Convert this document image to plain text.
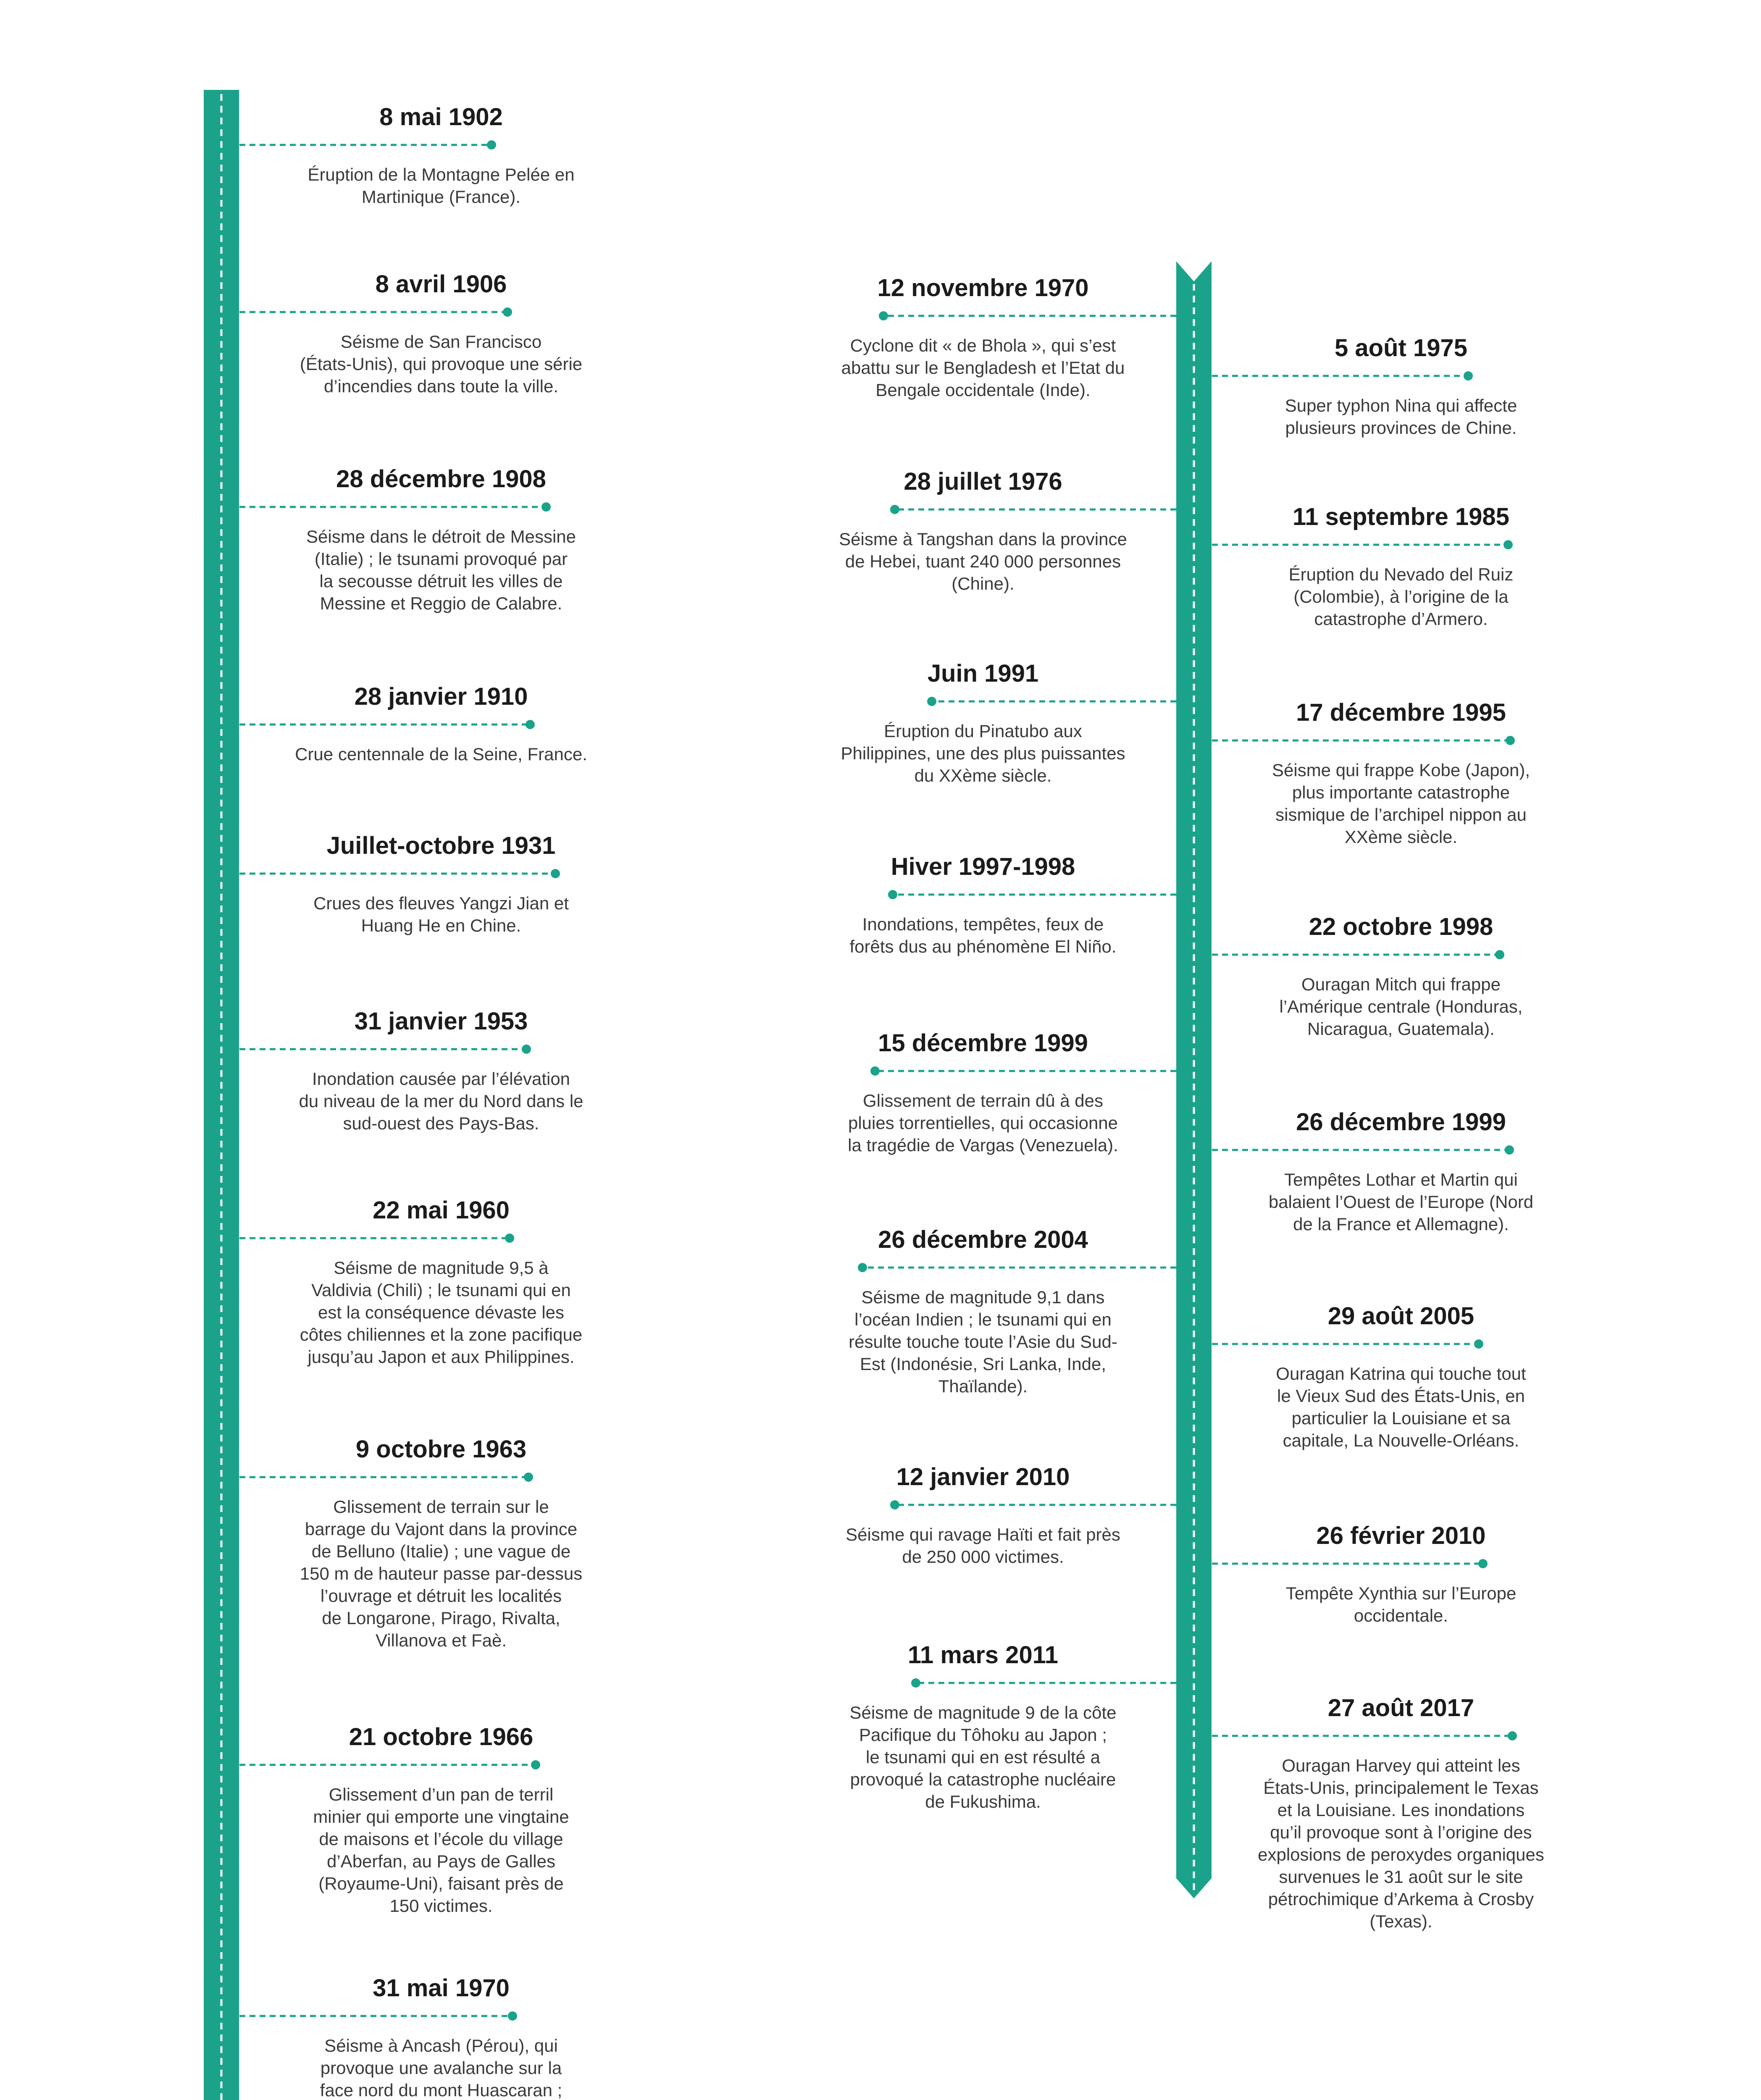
8 mai 1902
Éruption de la Montagne Pelée en
Martinique (France).
8 avril 1906
Séisme de San Francisco
(États-Unis), qui provoque une série
d’incendies dans toute la ville.
28 décembre 1908
Séisme dans le détroit de Messine
(Italie) ; le tsunami provoqué par
la secousse détruit les villes de
Messine et Reggio de Calabre.
28 janvier 1910
Crue centennale de la Seine, France.
Juillet-octobre 1931
Crues des fleuves Yangzi Jian et
Huang He en Chine.
31 janvier 1953
Inondation causée par l’élévation
du niveau de la mer du Nord dans le
sud-ouest des Pays-Bas.
22 mai 1960
Séisme de magnitude 9,5 à
Valdivia (Chili) ; le tsunami qui en
est la conséquence dévaste les
côtes chiliennes et la zone pacifique
jusqu’au Japon et aux Philippines.
9 octobre 1963
Glissement de terrain sur le
barrage du Vajont dans la province
de Belluno (Italie) ; une vague de
150 m de hauteur passe par-dessus
l’ouvrage et détruit les localités
de Longarone, Pirago, Rivalta,
Villanova et Faè.
21 octobre 1966
Glissement d’un pan de terril
minier qui emporte une vingtaine
de maisons et l’école du village
d’Aberfan, au Pays de Galles
(Royaume-Uni), faisant près de
150 victimes.
31 mai 1970
Séisme à Ancash (Pérou), qui
provoque une avalanche sur la
face nord du mont Huascaran ;

12 novembre 1970
Cyclone dit « de Bhola », qui s’est
abattu sur le Bengladesh et l’Etat du
Bengale occidentale (Inde).
5 août 1975
Super typhon Nina qui affecte
plusieurs provinces de Chine.
28 juillet 1976
Séisme à Tangshan dans la province
de Hebei, tuant 240 000 personnes
(Chine).
11 septembre 1985
Éruption du Nevado del Ruiz
(Colombie), à l’origine de la
catastrophe d’Armero.
Juin 1991
Éruption du Pinatubo aux
Philippines, une des plus puissantes
du XXème siècle.
17 décembre 1995
Séisme qui frappe Kobe (Japon),
plus importante catastrophe
sismique de l’archipel nippon au
XXème siècle.
Hiver 1997-1998
Inondations, tempêtes, feux de
forêts dus au phénomène El Niño.
22 octobre 1998
Ouragan Mitch qui frappe
l’Amérique centrale (Honduras,
Nicaragua, Guatemala).
15 décembre 1999
Glissement de terrain dû à des
pluies torrentielles, qui occasionne
la tragédie de Vargas (Venezuela).
26 décembre 1999
Tempêtes Lothar et Martin qui
balaient l’Ouest de l’Europe (Nord
de la France et Allemagne).
26 décembre 2004
Séisme de magnitude 9,1 dans
l’océan Indien ; le tsunami qui en
résulte touche toute l’Asie du Sud-
Est (Indonésie, Sri Lanka, Inde,
Thaïlande).
29 août 2005
Ouragan Katrina qui touche tout
le Vieux Sud des États-Unis, en
particulier la Louisiane et sa
capitale, La Nouvelle-Orléans.
12 janvier 2010
Séisme qui ravage Haïti et fait près
de 250 000 victimes.
26 février 2010
Tempête Xynthia sur l’Europe
occidentale.
11 mars 2011
Séisme de magnitude 9 de la côte
Pacifique du Tôhoku au Japon ;
le tsunami qui en est résulté a
provoqué la catastrophe nucléaire
de Fukushima.
27 août 2017
Ouragan Harvey qui atteint les
États-Unis, principalement le Texas
et la Louisiane. Les inondations
qu’il provoque sont à l’origine des
explosions de peroxydes organiques
survenues le 31 août sur le site
pétrochimique d’Arkema à Crosby
(Texas).
